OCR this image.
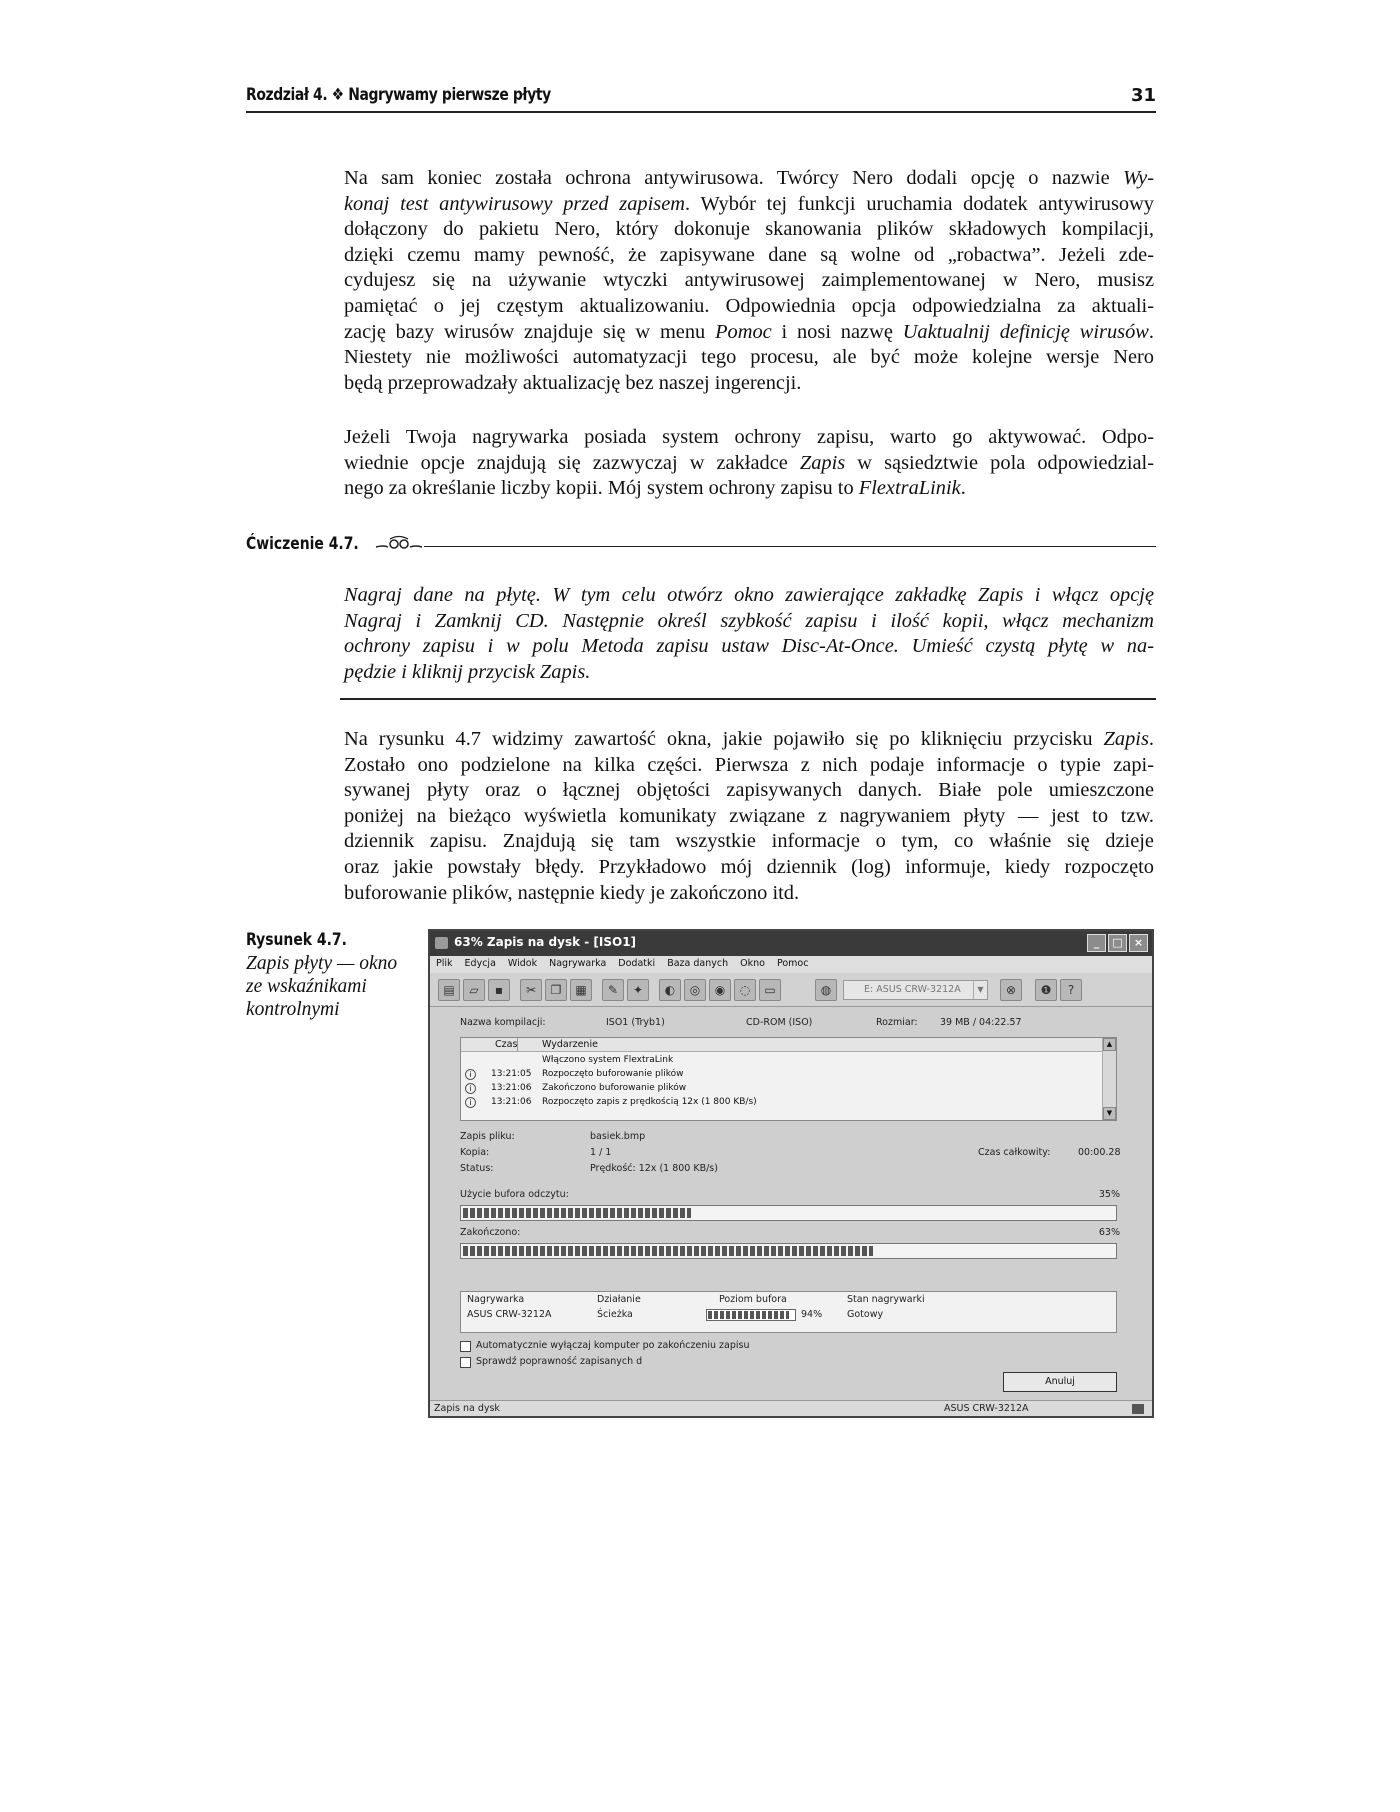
Rozdział 4. ❖ Nagrywamy pierwsze płyty	31

Na sam koniec została ochrona antywirusowa. Twórcy Nero dodali opcję o nazwie Wy-
konaj test antywirusowy przed zapisem. Wybór tej funkcji uruchamia dodatek antywirusowy
dołączony do pakietu Nero, który dokonuje skanowania plików składowych kompilacji,
dzięki czemu mamy pewność, że zapisywane dane są wolne od „robactwa”. Jeżeli zde-
cydujesz się na używanie wtyczki antywirusowej zaimplementowanej w Nero, musisz
pamiętać o jej częstym aktualizowaniu. Odpowiednia opcja odpowiedzialna za aktuali-
zację bazy wirusów znajduje się w menu Pomoc i nosi nazwę Uaktualnij definicję wirusów.
Niestety nie możliwości automatyzacji tego procesu, ale być może kolejne wersje Nero
będą przeprowadzały aktualizację bez naszej ingerencji.

Jeżeli Twoja nagrywarka posiada system ochrony zapisu, warto go aktywować. Odpo-
wiednie opcje znajdują się zazwyczaj w zakładce Zapis w sąsiedztwie pola odpowiedzial-
nego za określanie liczby kopii. Mój system ochrony zapisu to FlextraLinik.

Ćwiczenie 4.7.

Nagraj dane na płytę. W tym celu otwórz okno zawierające zakładkę Zapis i włącz opcję
Nagraj i Zamknij CD. Następnie określ szybkość zapisu i ilość kopii, włącz mechanizm
ochrony zapisu i w polu Metoda zapisu ustaw Disc-At-Once. Umieść czystą płytę w na-
pędzie i kliknij przycisk Zapis.

Na rysunku 4.7 widzimy zawartość okna, jakie pojawiło się po kliknięciu przycisku Zapis.
Zostało ono podzielone na kilka części. Pierwsza z nich podaje informacje o typie zapi-
sywanej płyty oraz o łącznej objętości zapisywanych danych. Białe pole umieszczone
poniżej na bieżąco wyświetla komunikaty związane z nagrywaniem płyty — jest to tzw.
dziennik zapisu. Znajdują się tam wszystkie informacje o tym, co właśnie się dzieje
oraz jakie powstały błędy. Przykładowo mój dziennik (log) informuje, kiedy rozpoczęto
buforowanie plików, następnie kiedy je zakończono itd.

Rysunek 4.7.
Zapis płyty — okno
ze wskaźnikami
kontrolnymi
63% Zapis na dysk - [ISO1]	_	□	×
Plik Edycja Widok Nagrywarka Dodatki Baza danych Okno Pomoc
▤	▱	▪	✂	❐	▦	✎	✦	◐	◎	◉	◌	▭	◍	E: ASUS CRW-3212A	▼	⊗	❶	?
Nazwa kompilacji:	ISO1 (Tryb1)	CD-ROM (ISO)	Rozmiar: 39 MB / 04:22.57
Czas	Wydarzenie
Włączono system FlextraLink
i	13:21:05 Rozpoczęto buforowanie plików
i	13:21:06 Zakończono buforowanie plików
i	13:21:06 Rozpoczęto zapis z prędkością 12x (1 800 KB/s)
▲
▼
Zapis pliku:	basiek.bmp
Kopia:	1 / 1
Status:	Prędkość: 12x (1 800 KB/s)
Czas całkowity:	00:00.28
Użycie bufora odczytu:	35%
Zakończono:	63%
Nagrywarka	Działanie	Poziom bufora	Stan nagrywarki
ASUS CRW-3212A	Ścieżka	94%	Gotowy
Automatycznie wyłączaj komputer po zakończeniu zapisu
Sprawdź poprawność zapisanych d
Anuluj
Zapis na dysk	ASUS CRW-3212A
